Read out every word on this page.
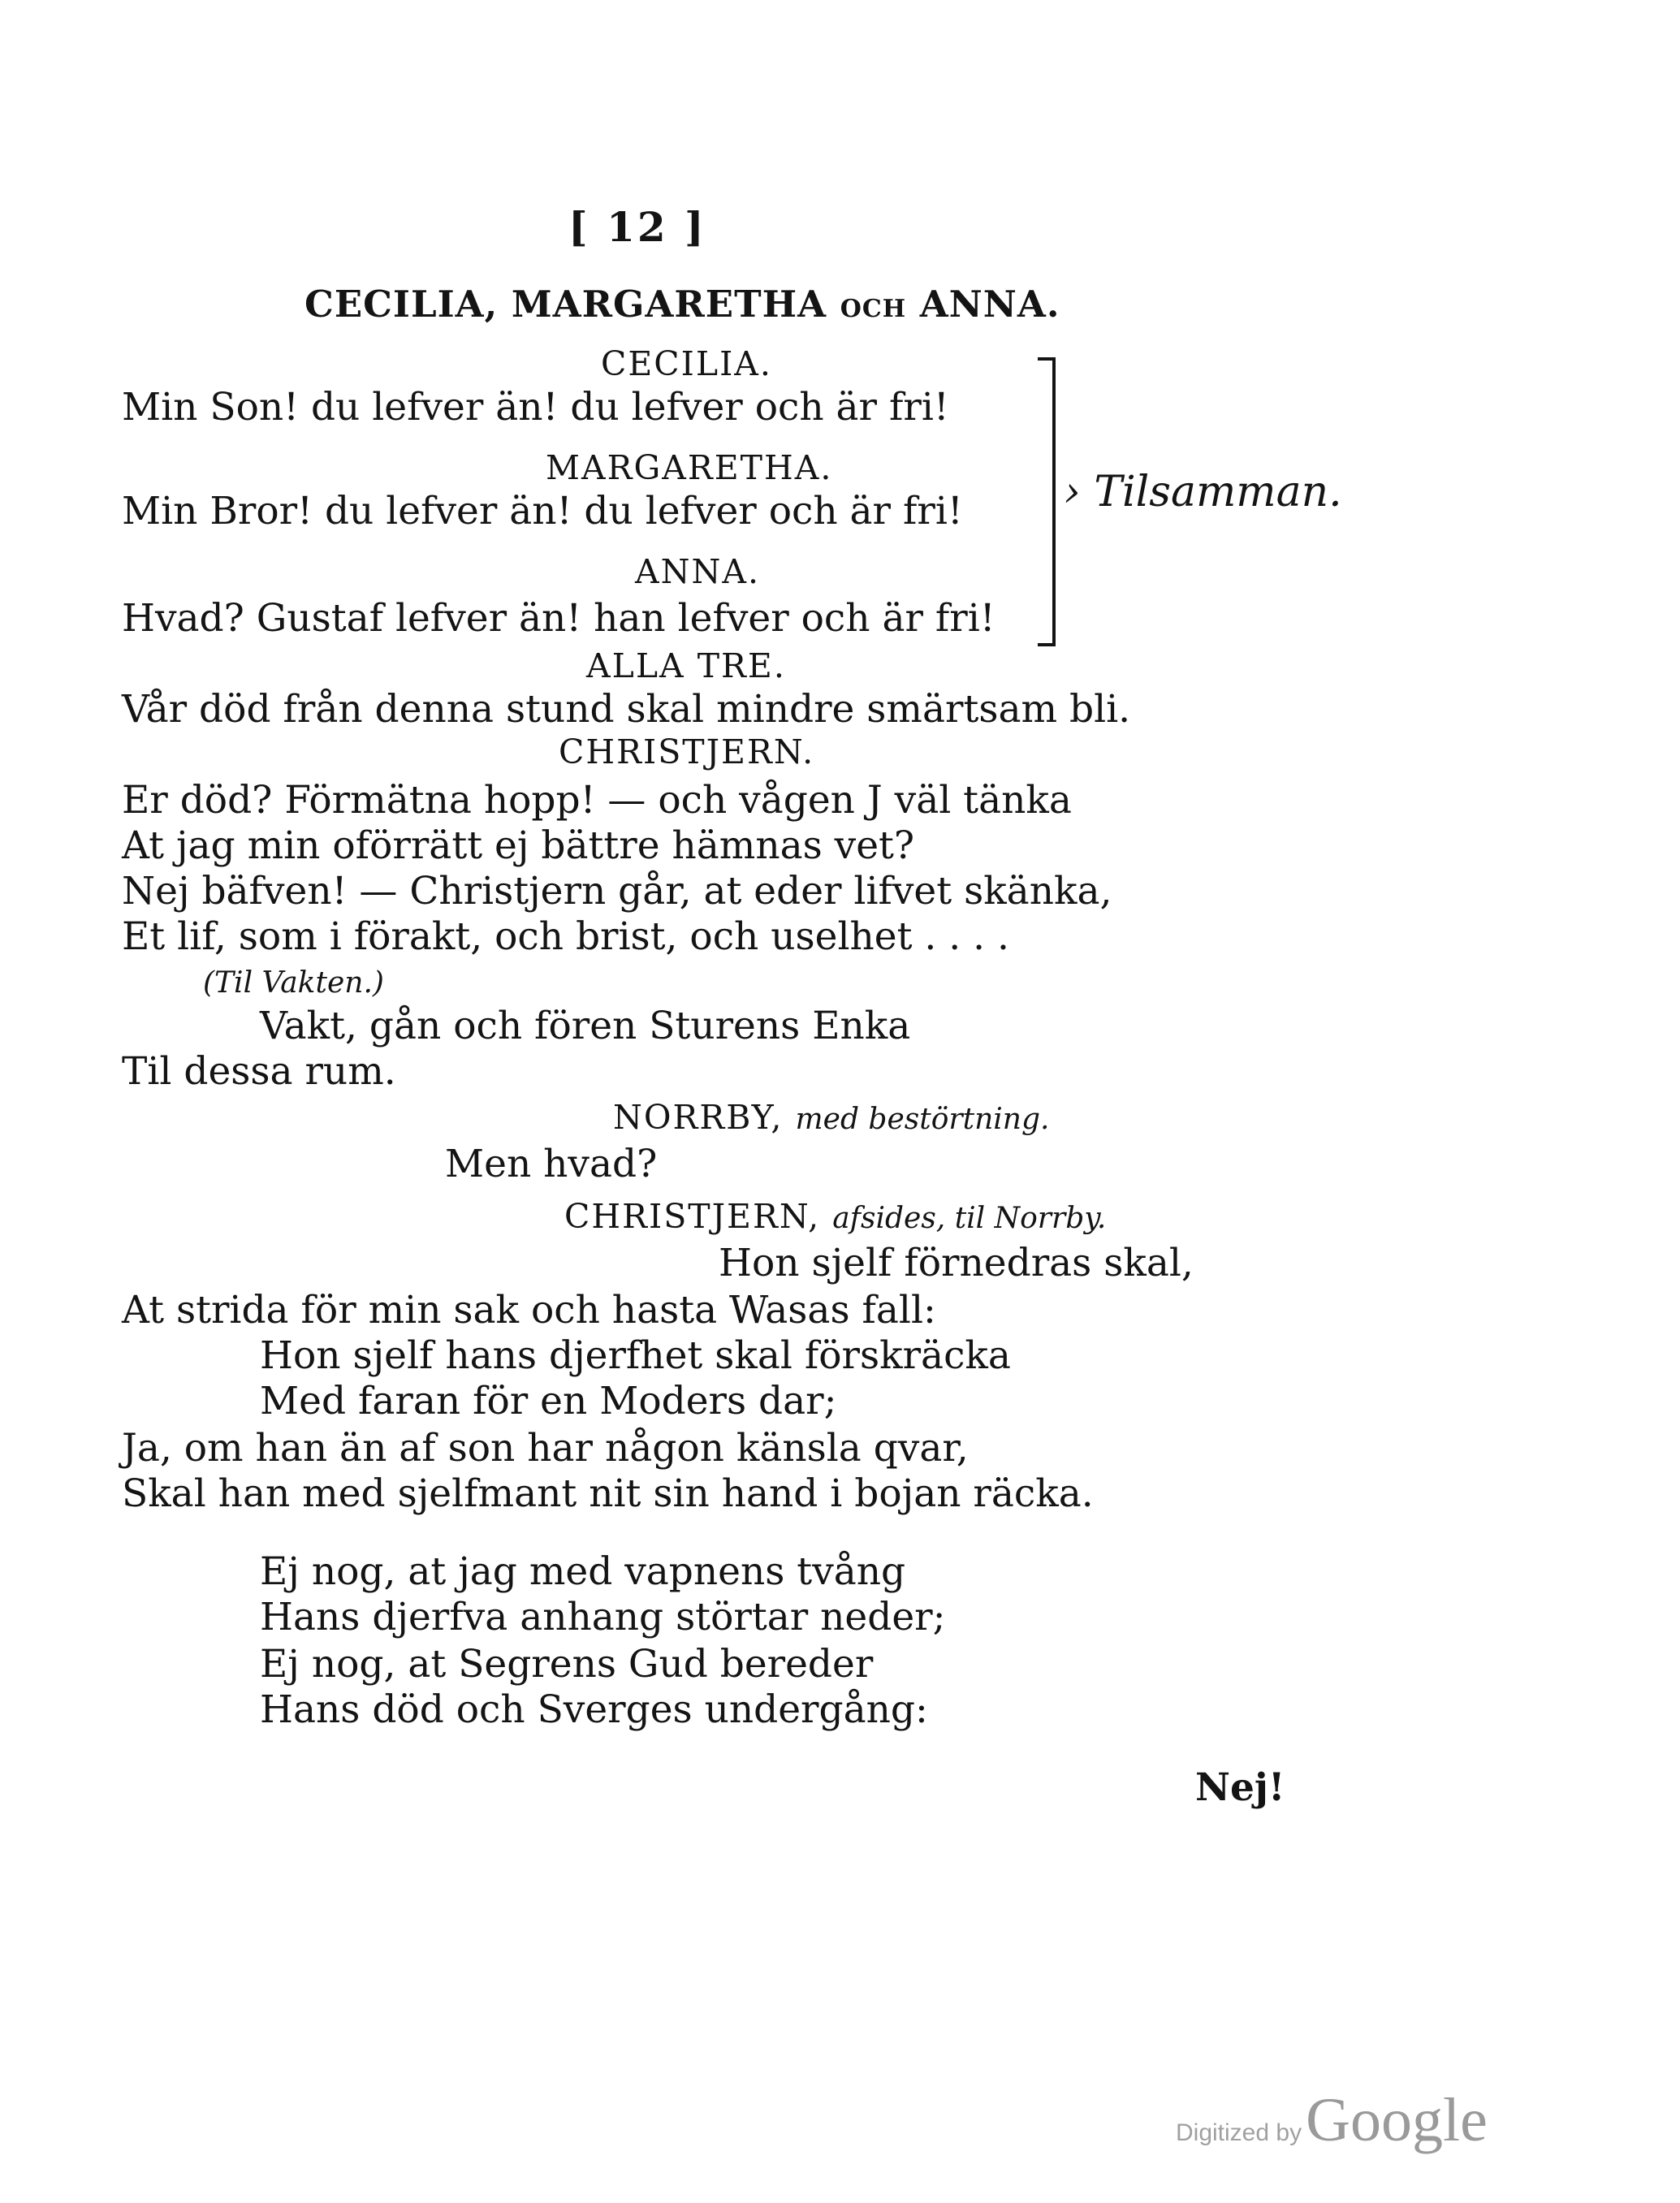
[ 12 ]
CECILIA, MARGARETHA OCH ANNA.
CECILIA.
Min Son! du lefver än! du lefver och är fri!
MARGARETHA.
Min Bror! du lefver än! du lefver och är fri!
ANNA.
Hvad? Gustaf lefver än! han lefver och är fri!
› Tilsamman.
ALLA TRE.
Vår död från denna stund skal mindre smärtsam bli.
CHRISTJERN.
Er död? Förmätna hopp! — och vågen J väl tänka
At jag min oförrätt ej bättre hämnas vet?
Nej bäfven! — Christjern går, at eder lifvet skänka,
Et lif, som i förakt, och brist, och uselhet . . . .
(Til Vakten.)
Vakt, gån och fören Sturens Enka
Til dessa rum.
NORRBY, med bestörtning.
Men hvad?
CHRISTJERN, afsides, til Norrby.
Hon sjelf förnedras skal,
At strida för min sak och hasta Wasas fall:
Hon sjelf hans djerfhet skal förskräcka
Med faran för en Moders dar;
Ja, om han än af son har någon känsla qvar,
Skal han med sjelfmant nit sin hand i bojan räcka.
Ej nog, at jag med vapnens tvång
Hans djerfva anhang störtar neder;
Ej nog, at Segrens Gud bereder
Hans död och Sverges undergång:
Nej!
Digitized by Google
